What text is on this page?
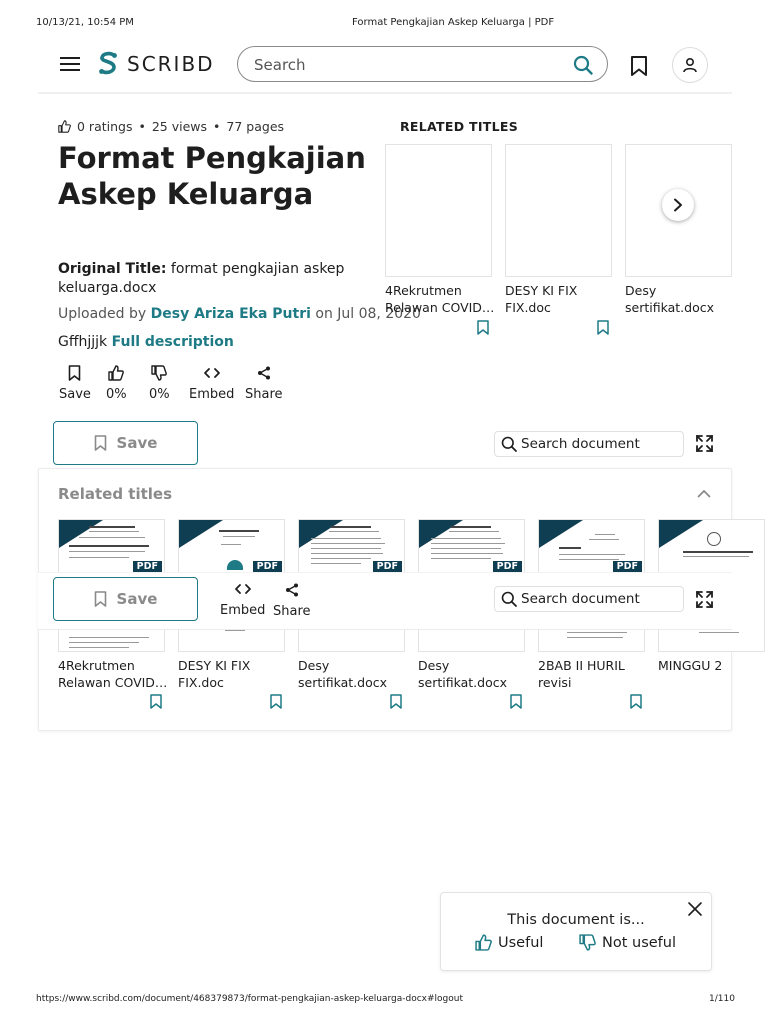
10/13/21, 10:54 PM	Format Pengkajian Askep Keluarga | PDF
https://www.scribd.com/document/468379873/format-pengkajian-askep-keluarga-docx#logout	1/110
SCRIBD	Search
0 ratings • 25 views • 77 pages
Format Pengkajian Askep Keluarga
Original Title: format pengkajian askep keluarga.docx
Uploaded by Desy Ariza Eka Putri on Jul 08, 2020
Gffhjjjk Full description
Save 0% 0% Embed Share
RELATED TITLES
4Rekrutmen Relawan COVID…
DESY KI FIX FIX.doc
Desy sertifikat.docx
Save	Search document
Related titles
PDF	PDF	PDF	PDF	PDF
4Rekrutmen Relawan COVID…
DESY KI FIX FIX.doc
Desy sertifikat.docx
Desy sertifikat.docx
2BAB II HURIL revisi
MINGGU 2
Save
Embed Share
Search document
This document is...
Useful	Not useful
